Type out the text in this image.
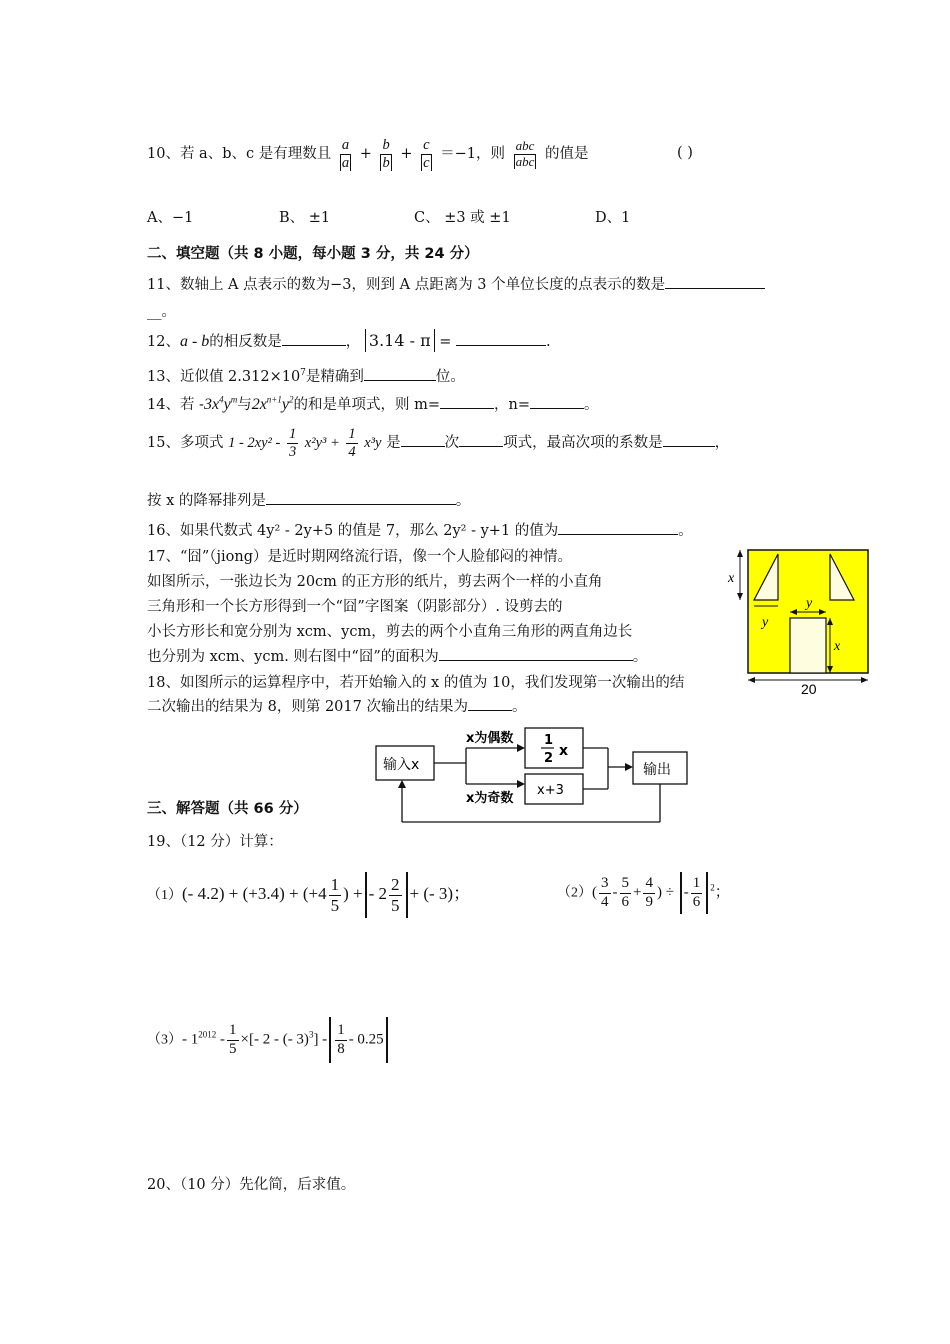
10、若 a、b、c 是有理数且 $\frac{a}{a} + \frac{b}{b} + \frac{c}{c} =-1$，则 $\frac{\text{abc}}{\text{abc}}$ 的值是	( )
A、−1	B、 ±1	C、 ±3 或 ±1	D、1
二、填空题（共 8 小题，每小题 3 分，共 24 分）
11、数轴上 A 点表示的数为−3，则到 A 点距离为 3 个单位长度的点表示的数是
__。
12、a - b的相反数是	， 3.14 - π =	.
13、近似值 $2.312\times 10^7$是精确到	位。
14、若 $-3x^4y^m$与$2x^{n+1}y^2$的和是单项式，则 m=	，n=	。
15、多项式 $1 - 2xy^2 - \frac{1}{3} x^2y^3 + \frac{1}{4} x^3y$ 是	次	项式，最高次项的系数是	，
按 x 的降幂排列是	。
16、如果代数式 4y² - 2y+5 的值是 7，那么 2y² - y+1 的值为	。
17、“囧”（jiong）是近时期网络流行语，像一个人脸郁闷的神情。
如图所示，一张边长为 20cm 的正方形的纸片，剪去两个一样的小直角
三角形和一个长方形得到一个“囧”字图案（阴影部分）. 设剪去的
小长方形长和宽分别为 xcm、ycm，剪去的两个小直角三角形的两直角边长
也分别为 xcm、ycm. 则右图中“囧”的面积为	。
x
y
y
x
20
18、如图所示的运算程序中，若开始输入的 x 的值为 10，我们发现第一次输出的结
二次输出的结果为 8，则第 2017 次输出的结果为	。
输入x
x为偶数
x为奇数
1
2 x
x+3
输出
三、解答题（共 66 分）
19、（12 分）计算：
（1）(- $4.2) + (+3.4) + (+4 \frac{1}{5}$ ) + - $2 \frac{2}{5}$ + (- 3)；	$(2)( \frac{3}{4} - \frac{5}{6} + \frac{4}{9}$ ) ÷ - $\frac{1}{6} ^2$；
（3）- $1^{2012} - \frac{1}{5}$ ×[- 2 - (- $3)^3] - \frac{1}{8} - 0.25$
20、（10 分）先化简，后求值。
